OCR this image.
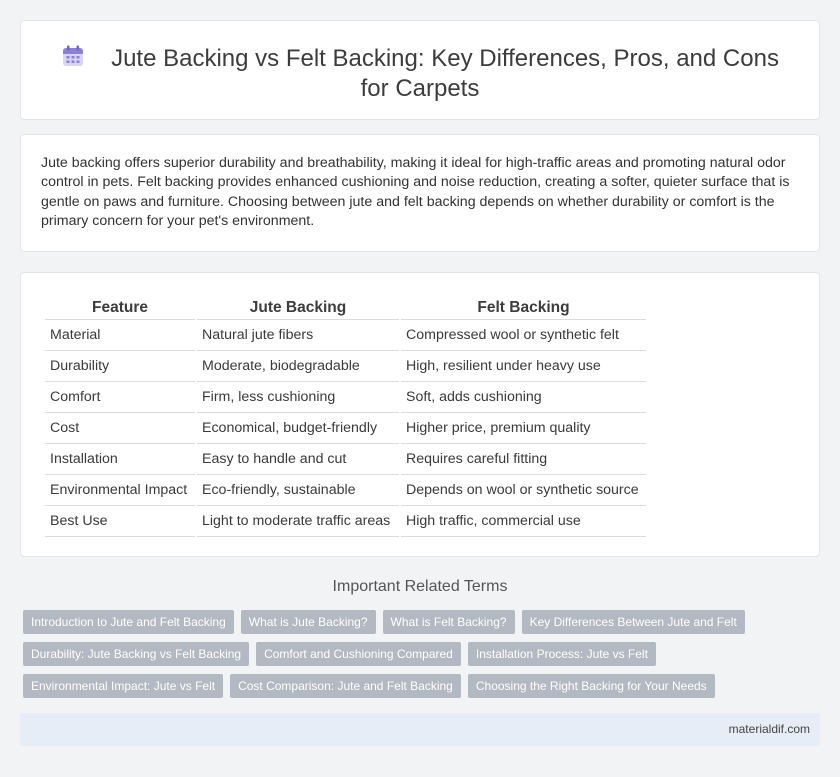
Jute Backing vs Felt Backing: Key Differences, Pros, and Cons for Carpets

Jute backing offers superior durability and breathability, making it ideal for high-traffic areas and promoting natural odor control in pets. Felt backing provides enhanced cushioning and noise reduction, creating a softer, quieter surface that is gentle on paws and furniture. Choosing between jute and felt backing depends on whether durability or comfort is the primary concern for your pet's environment.

Feature	Jute Backing	Felt Backing
Material	Natural jute fibers	Compressed wool or synthetic felt
Durability	Moderate, biodegradable	High, resilient under heavy use
Comfort	Firm, less cushioning	Soft, adds cushioning
Cost	Economical, budget-friendly	Higher price, premium quality
Installation	Easy to handle and cut	Requires careful fitting
Environmental Impact	Eco-friendly, sustainable	Depends on wool or synthetic source
Best Use	Light to moderate traffic areas	High traffic, commercial use
Important Related Terms
Introduction to Jute and Felt Backing	What is Jute Backing?	What is Felt Backing?	Key Differences Between Jute and Felt
Durability: Jute Backing vs Felt Backing	Comfort and Cushioning Compared	Installation Process: Jute vs Felt
Environmental Impact: Jute vs Felt	Cost Comparison: Jute and Felt Backing	Choosing the Right Backing for Your Needs
materialdif.com
